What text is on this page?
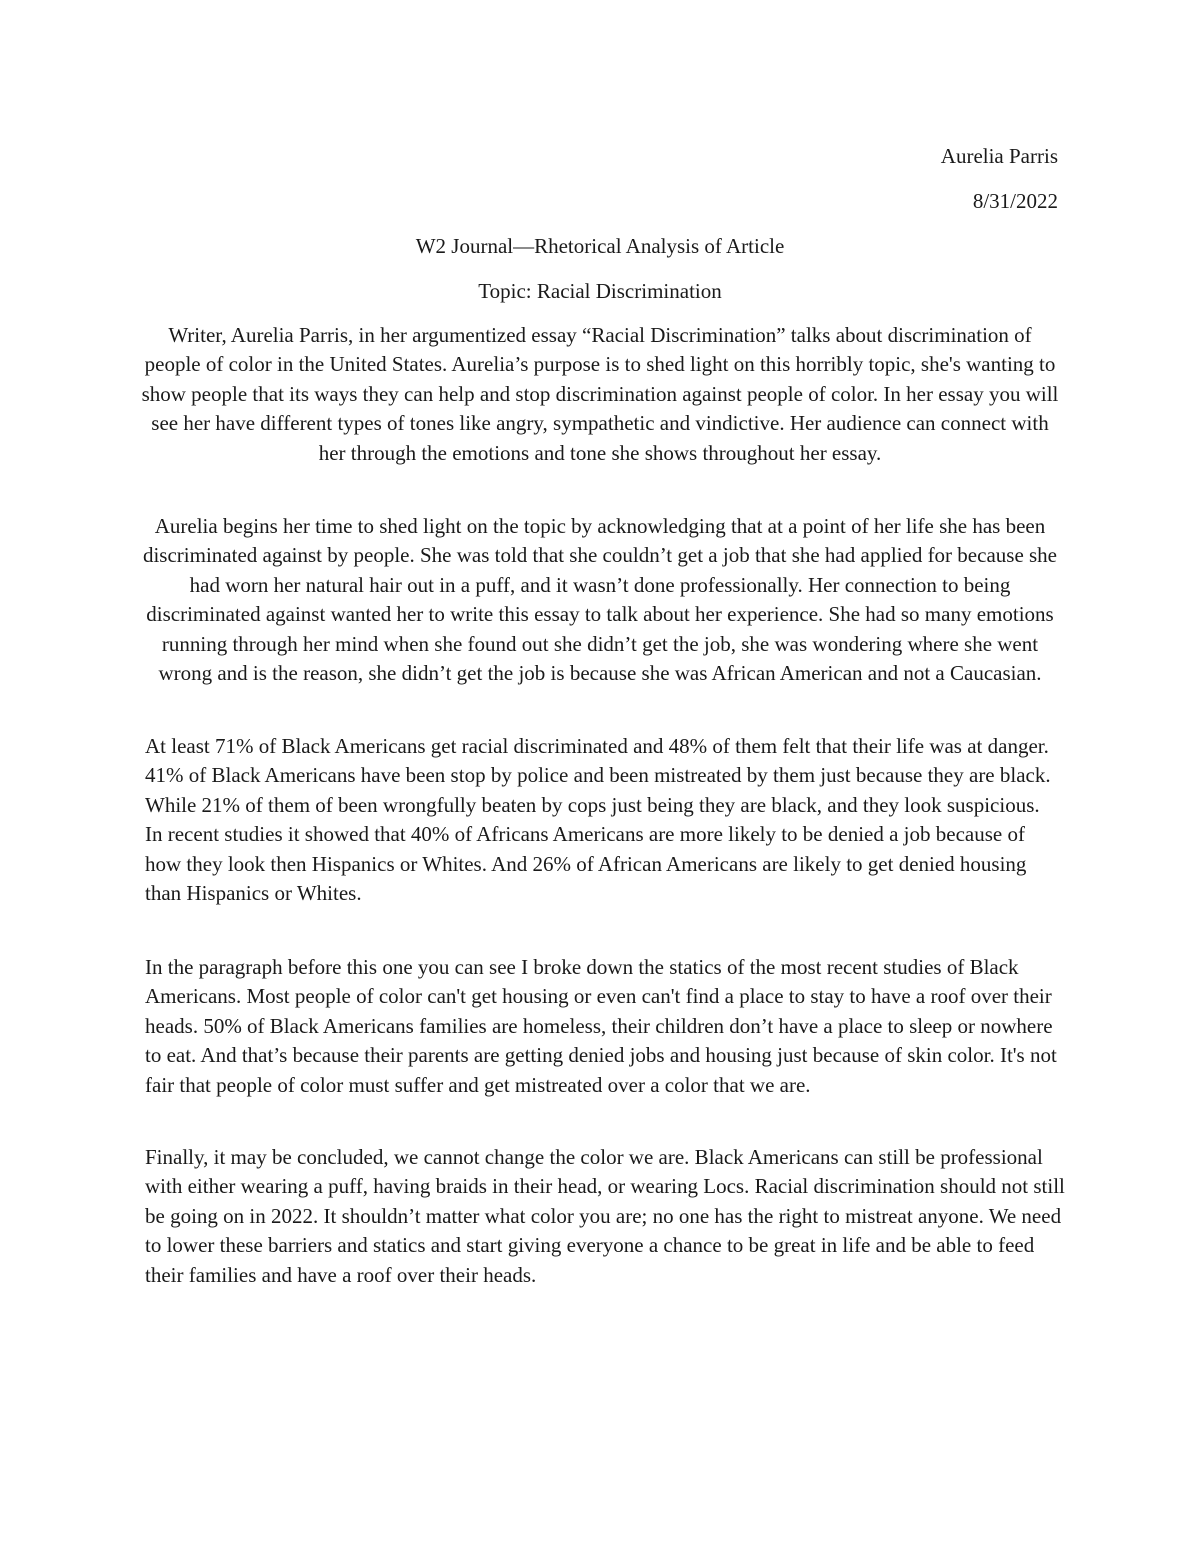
Aurelia Parris
8/31/2022
W2 Journal—Rhetorical Analysis of Article
Topic: Racial Discrimination

Writer, Aurelia Parris, in her argumentized essay “Racial Discrimination” talks about discrimination of people of color in the United States. Aurelia’s purpose is to shed light on this horribly topic, she's wanting to show people that its ways they can help and stop discrimination against people of color. In her essay you will see her have different types of tones like angry, sympathetic and vindictive. Her audience can connect with her through the emotions and tone she shows throughout her essay.

Aurelia begins her time to shed light on the topic by acknowledging that at a point of her life she has been discriminated against by people. She was told that she couldn’t get a job that she had applied for because she had worn her natural hair out in a puff, and it wasn’t done professionally. Her connection to being discriminated against wanted her to write this essay to talk about her experience. She had so many emotions running through her mind when she found out she didn’t get the job, she was wondering where she went wrong and is the reason, she didn’t get the job is because she was African American and not a Caucasian.

At least 71% of Black Americans get racial discriminated and 48% of them felt that their life was at danger. 41% of Black Americans have been stop by police and been mistreated by them just because they are black. While 21% of them of been wrongfully beaten by cops just being they are black, and they look suspicious. In recent studies it showed that 40% of Africans Americans are more likely to be denied a job because of how they look then Hispanics or Whites. And 26% of African Americans are likely to get denied housing than Hispanics or Whites.

In the paragraph before this one you can see I broke down the statics of the most recent studies of Black Americans. Most people of color can't get housing or even can't find a place to stay to have a roof over their heads. 50% of Black Americans families are homeless, their children don’t have a place to sleep or nowhere to eat. And that’s because their parents are getting denied jobs and housing just because of skin color. It's not fair that people of color must suffer and get mistreated over a color that we are.

Finally, it may be concluded, we cannot change the color we are. Black Americans can still be professional with either wearing a puff, having braids in their head, or wearing Locs. Racial discrimination should not still be going on in 2022. It shouldn’t matter what color you are; no one has the right to mistreat anyone. We need to lower these barriers and statics and start giving everyone a chance to be great in life and be able to feed their families and have a roof over their heads.
